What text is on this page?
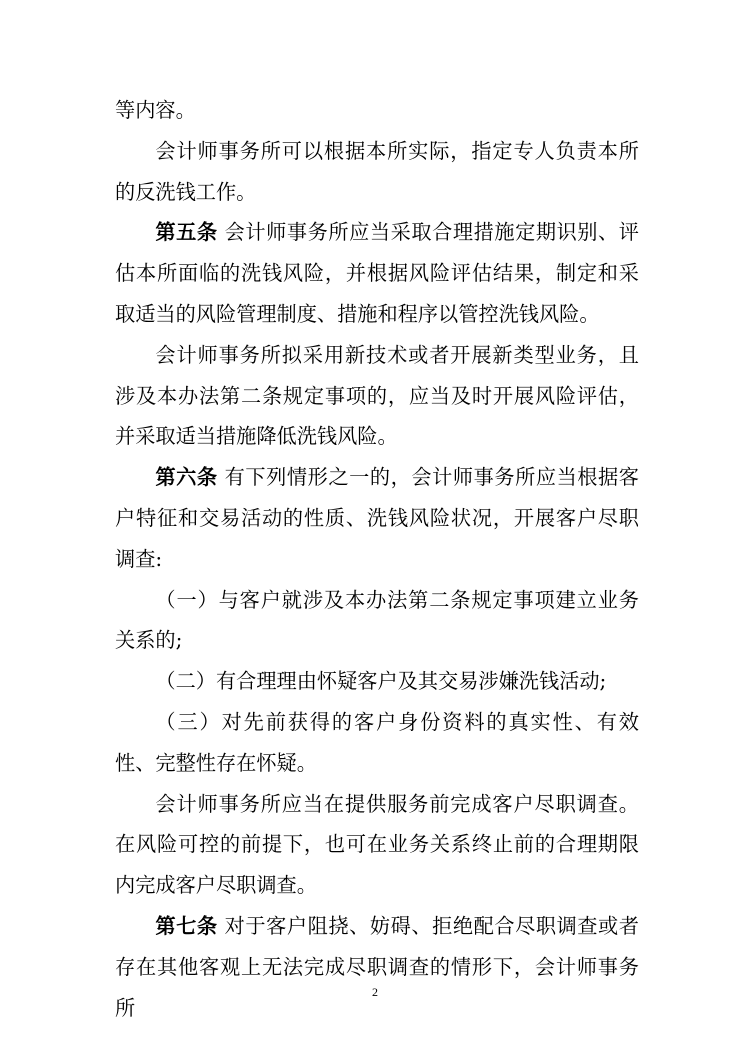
等内容。

会计师事务所可以根据本所实际，指定专人负责本所的反洗钱工作。

第五条 会计师事务所应当采取合理措施定期识别、评估本所面临的洗钱风险，并根据风险评估结果，制定和采取适当的风险管理制度、措施和程序以管控洗钱风险。

会计师事务所拟采用新技术或者开展新类型业务，且涉及本办法第二条规定事项的，应当及时开展风险评估，并采取适当措施降低洗钱风险。

第六条 有下列情形之一的，会计师事务所应当根据客户特征和交易活动的性质、洗钱风险状况，开展客户尽职调查:

（一）与客户就涉及本办法第二条规定事项建立业务关系的;

（二）有合理理由怀疑客户及其交易涉嫌洗钱活动;

（三）对先前获得的客户身份资料的真实性、有效性、完整性存在怀疑。

会计师事务所应当在提供服务前完成客户尽职调查。在风险可控的前提下，也可在业务关系终止前的合理期限内完成客户尽职调查。

第七条 对于客户阻挠、妨碍、拒绝配合尽职调查或者存在其他客观上无法完成尽职调查的情形下，会计师事务所

2
